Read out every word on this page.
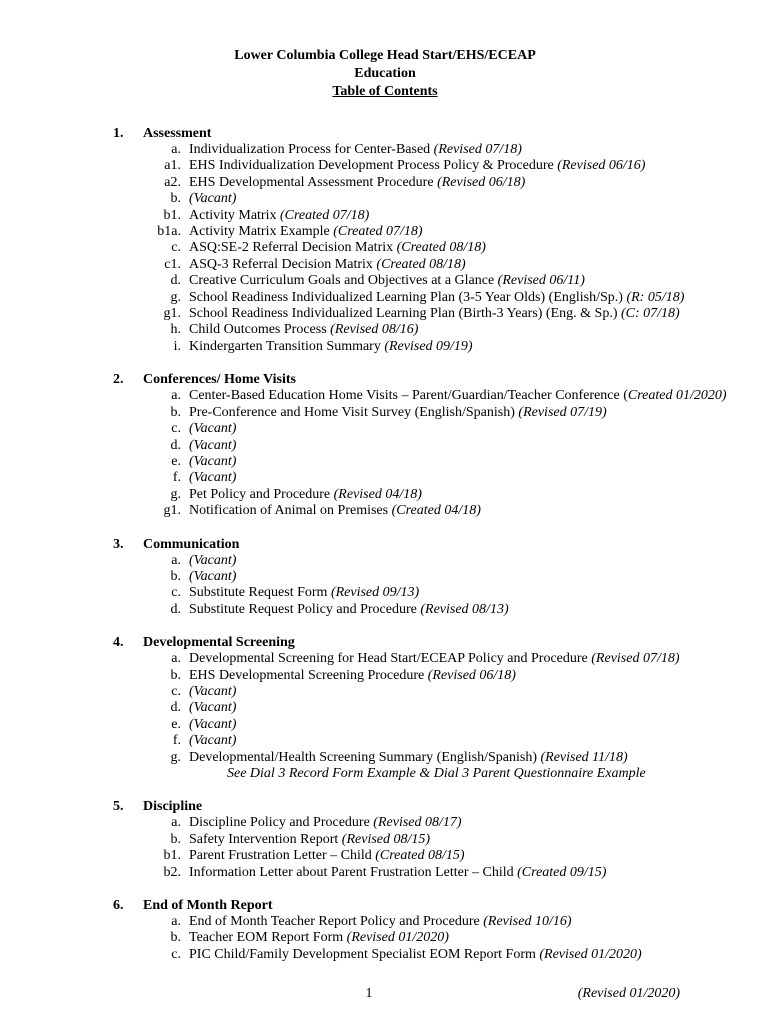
Lower Columbia College Head Start/EHS/ECEAP
Education
Table of Contents
1.	Assessment
a. Individualization Process for Center-Based (Revised 07/18)
a1. EHS Individualization Development Process Policy & Procedure (Revised 06/16)
a2. EHS Developmental Assessment Procedure (Revised 06/18)
b. (Vacant)
b1. Activity Matrix (Created 07/18)
b1a. Activity Matrix Example (Created 07/18)
c. ASQ:SE-2 Referral Decision Matrix (Created 08/18)
c1. ASQ-3 Referral Decision Matrix (Created 08/18)
d. Creative Curriculum Goals and Objectives at a Glance (Revised 06/11)
g. School Readiness Individualized Learning Plan (3-5 Year Olds) (English/Sp.) (R: 05/18)
g1. School Readiness Individualized Learning Plan (Birth-3 Years) (Eng. & Sp.) (C: 07/18)
h. Child Outcomes Process (Revised 08/16)
i. Kindergarten Transition Summary (Revised 09/19)
2.	Conferences/ Home Visits
a. Center-Based Education Home Visits – Parent/Guardian/Teacher Conference (Created 01/2020)
b. Pre-Conference and Home Visit Survey (English/Spanish) (Revised 07/19)
c. (Vacant)
d. (Vacant)
e. (Vacant)
f. (Vacant)
g. Pet Policy and Procedure (Revised 04/18)
g1. Notification of Animal on Premises (Created 04/18)
3.	Communication
a. (Vacant)
b. (Vacant)
c. Substitute Request Form (Revised 09/13)
d. Substitute Request Policy and Procedure (Revised 08/13)
4.	Developmental Screening
a. Developmental Screening for Head Start/ECEAP Policy and Procedure (Revised 07/18)
b. EHS Developmental Screening Procedure (Revised 06/18)
c. (Vacant)
d. (Vacant)
e. (Vacant)
f. (Vacant)
g. Developmental/Health Screening Summary (English/Spanish) (Revised 11/18)
See Dial 3 Record Form Example & Dial 3 Parent Questionnaire Example
5.	Discipline
a. Discipline Policy and Procedure (Revised 08/17)
b. Safety Intervention Report (Revised 08/15)
b1. Parent Frustration Letter – Child (Created 08/15)
b2. Information Letter about Parent Frustration Letter – Child (Created 09/15)
6.	End of Month Report
a. End of Month Teacher Report Policy and Procedure (Revised 10/16)
b. Teacher EOM Report Form (Revised 01/2020)
c. PIC Child/Family Development Specialist EOM Report Form (Revised 01/2020)
1	(Revised 01/2020)
